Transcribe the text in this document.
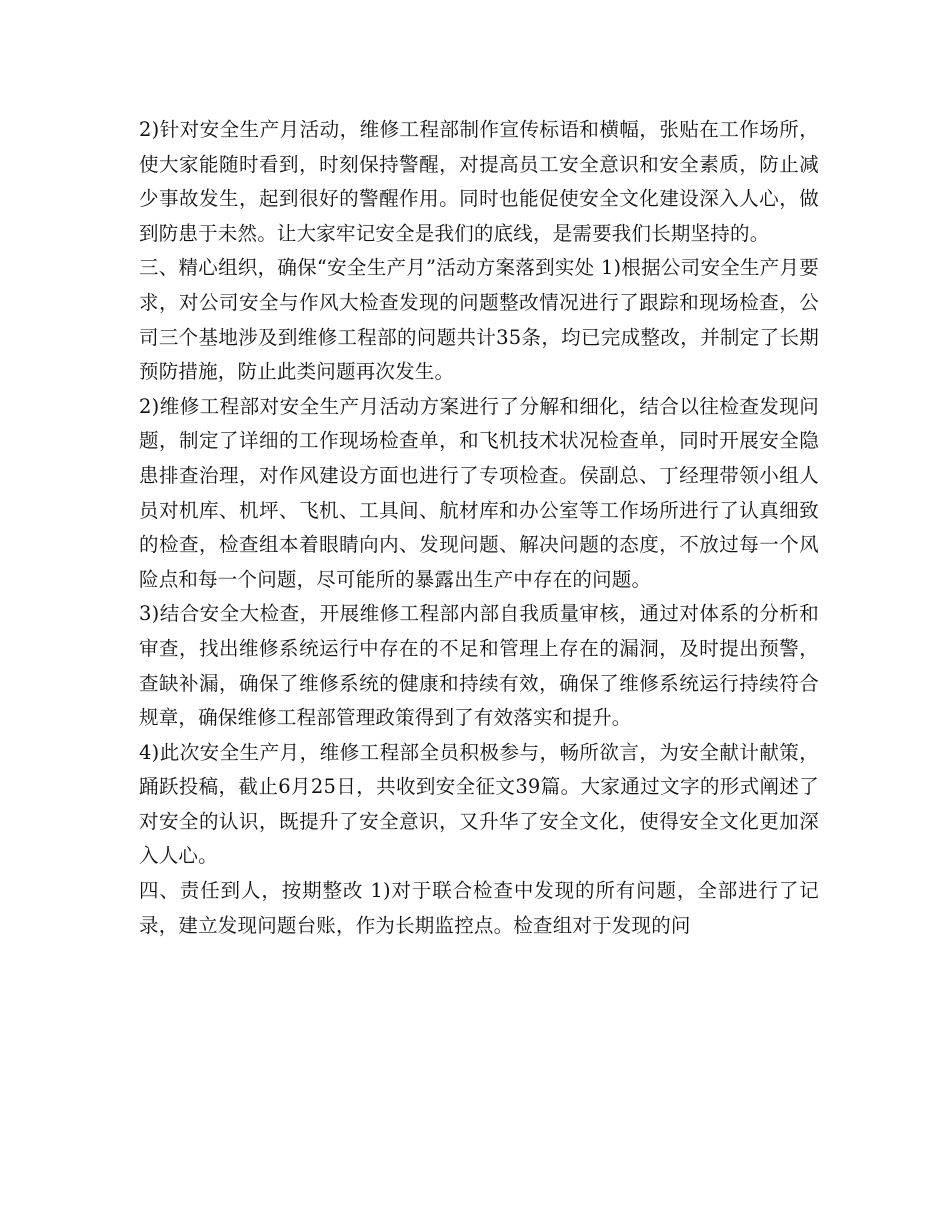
2)针对安全生产月活动，维修工程部制作宣传标语和横幅，张贴在工作场所，使大家能随时看到，时刻保持警醒，对提高员工安全意识和安全素质，防止减少事故发生，起到很好的警醒作用。同时也能促使安全文化建设深入人心，做到防患于未然。让大家牢记安全是我们的底线，是需要我们长期坚持的。

三、精心组织，确保“安全生产月”活动方案落到实处 1)根据公司安全生产月要求，对公司安全与作风大检查发现的问题整改情况进行了跟踪和现场检查，公司三个基地涉及到维修工程部的问题共计35条，均已完成整改，并制定了长期预防措施，防止此类问题再次发生。

2)维修工程部对安全生产月活动方案进行了分解和细化，结合以往检查发现问题，制定了详细的工作现场检查单，和飞机技术状况检查单，同时开展安全隐患排查治理，对作风建设方面也进行了专项检查。侯副总、丁经理带领小组人员对机库、机坪、飞机、工具间、航材库和办公室等工作场所进行了认真细致的检查，检查组本着眼睛向内、发现问题、解决问题的态度，不放过每一个风险点和每一个问题，尽可能所的暴露出生产中存在的问题。

3)结合安全大检查，开展维修工程部内部自我质量审核，通过对体系的分析和审查，找出维修系统运行中存在的不足和管理上存在的漏洞，及时提出预警，查缺补漏，确保了维修系统的健康和持续有效，确保了维修系统运行持续符合规章，确保维修工程部管理政策得到了有效落实和提升。

4)此次安全生产月，维修工程部全员积极参与，畅所欲言，为安全献计献策，踊跃投稿，截止6月25日，共收到安全征文39篇。大家通过文字的形式阐述了对安全的认识，既提升了安全意识，又升华了安全文化，使得安全文化更加深入人心。

四、责任到人，按期整改 1)对于联合检查中发现的所有问题，全部进行了记录，建立发现问题台账，作为长期监控点。检查组对于发现的问
